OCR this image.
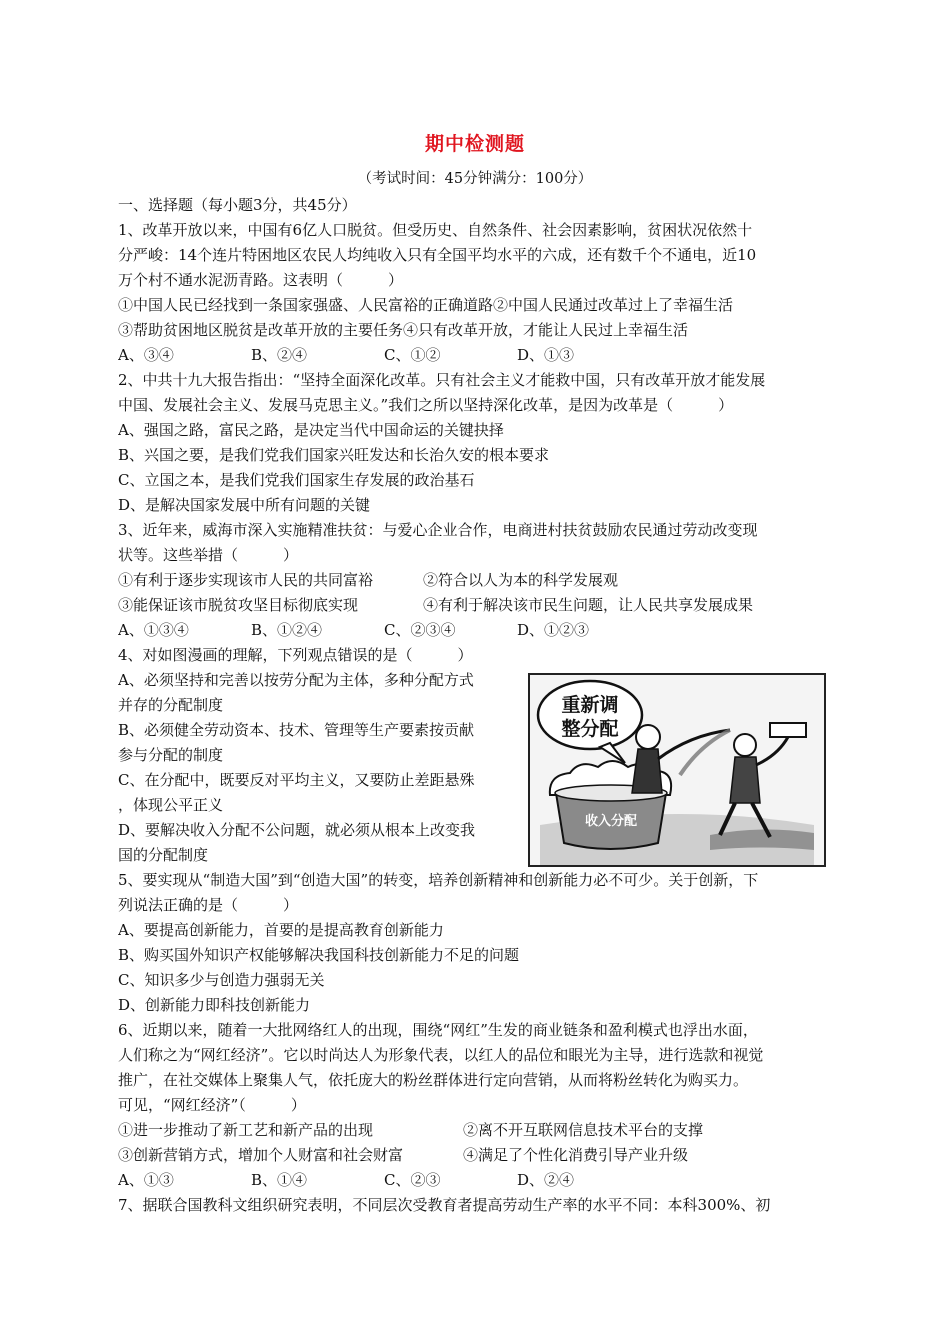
期中检测题
（考试时间：45分钟满分：100分）
一、选择题（每小题3分，共45分）
1、改革开放以来，中国有6亿人口脱贫。但受历史、自然条件、社会因素影响，贫困状况依然十
分严峻：14个连片特困地区农民人均纯收入只有全国平均水平的六成，还有数千个不通电，近10
万个村不通水泥沥青路。这表明（　　　）
①中国人民已经找到一条国家强盛、人民富裕的正确道路②中国人民通过改革过上了幸福生活
③帮助贫困地区脱贫是改革开放的主要任务④只有改革开放，才能让人民过上幸福生活
A、③④	B、②④	C、①②	D、①③
2、中共十九大报告指出：“坚持全面深化改革。只有社会主义才能救中国，只有改革开放才能发展
中国、发展社会主义、发展马克思主义。”我们之所以坚持深化改革，是因为改革是（　　　）
A、强国之路，富民之路，是决定当代中国命运的关键抉择
B、兴国之要，是我们党我们国家兴旺发达和长治久安的根本要求
C、立国之本，是我们党我们国家生存发展的政治基石
D、是解决国家发展中所有问题的关键
3、近年来，威海市深入实施精准扶贫：与爱心企业合作，电商进村扶贫鼓励农民通过劳动改变现
状等。这些举措（　　　）
①有利于逐步实现该市人民的共同富裕	②符合以人为本的科学发展观
③能保证该市脱贫攻坚目标彻底实现	④有利于解决该市民生问题，让人民共享发展成果
A、①③④	B、①②④	C、②③④	D、①②③
4、对如图漫画的理解，下列观点错误的是（　　　）
A、必须坚持和完善以按劳分配为主体，多种分配方式
并存的分配制度
B、必须健全劳动资本、技术、管理等生产要素按贡献
参与分配的制度
C、在分配中，既要反对平均主义，又要防止差距悬殊
，体现公平正义
D、要解决收入分配不公问题，就必须从根本上改变我
国的分配制度
重新调
整分配
收入分配
5、要实现从“制造大国”到“创造大国”的转变，培养创新精神和创新能力必不可少。关于创新，下
列说法正确的是（　　　）
A、要提高创新能力，首要的是提高教育创新能力
B、购买国外知识产权能够解决我国科技创新能力不足的问题
C、知识多少与创造力强弱无关
D、创新能力即科技创新能力
6、近期以来，随着一大批网络红人的出现，围绕“网红”生发的商业链条和盈利模式也浮出水面，
人们称之为“网红经济”。它以时尚达人为形象代表，以红人的品位和眼光为主导，进行选款和视觉
推广，在社交媒体上聚集人气，依托庞大的粉丝群体进行定向营销，从而将粉丝转化为购买力。
可见，“网红经济”（　　　）
①进一步推动了新工艺和新产品的出现	②离不开互联网信息技术平台的支撑
③创新营销方式，增加个人财富和社会财富	④满足了个性化消费引导产业升级
A、①③	B、①④	C、②③	D、②④
7、据联合国教科文组织研究表明，不同层次受教育者提高劳动生产率的水平不同：本科300%、初
